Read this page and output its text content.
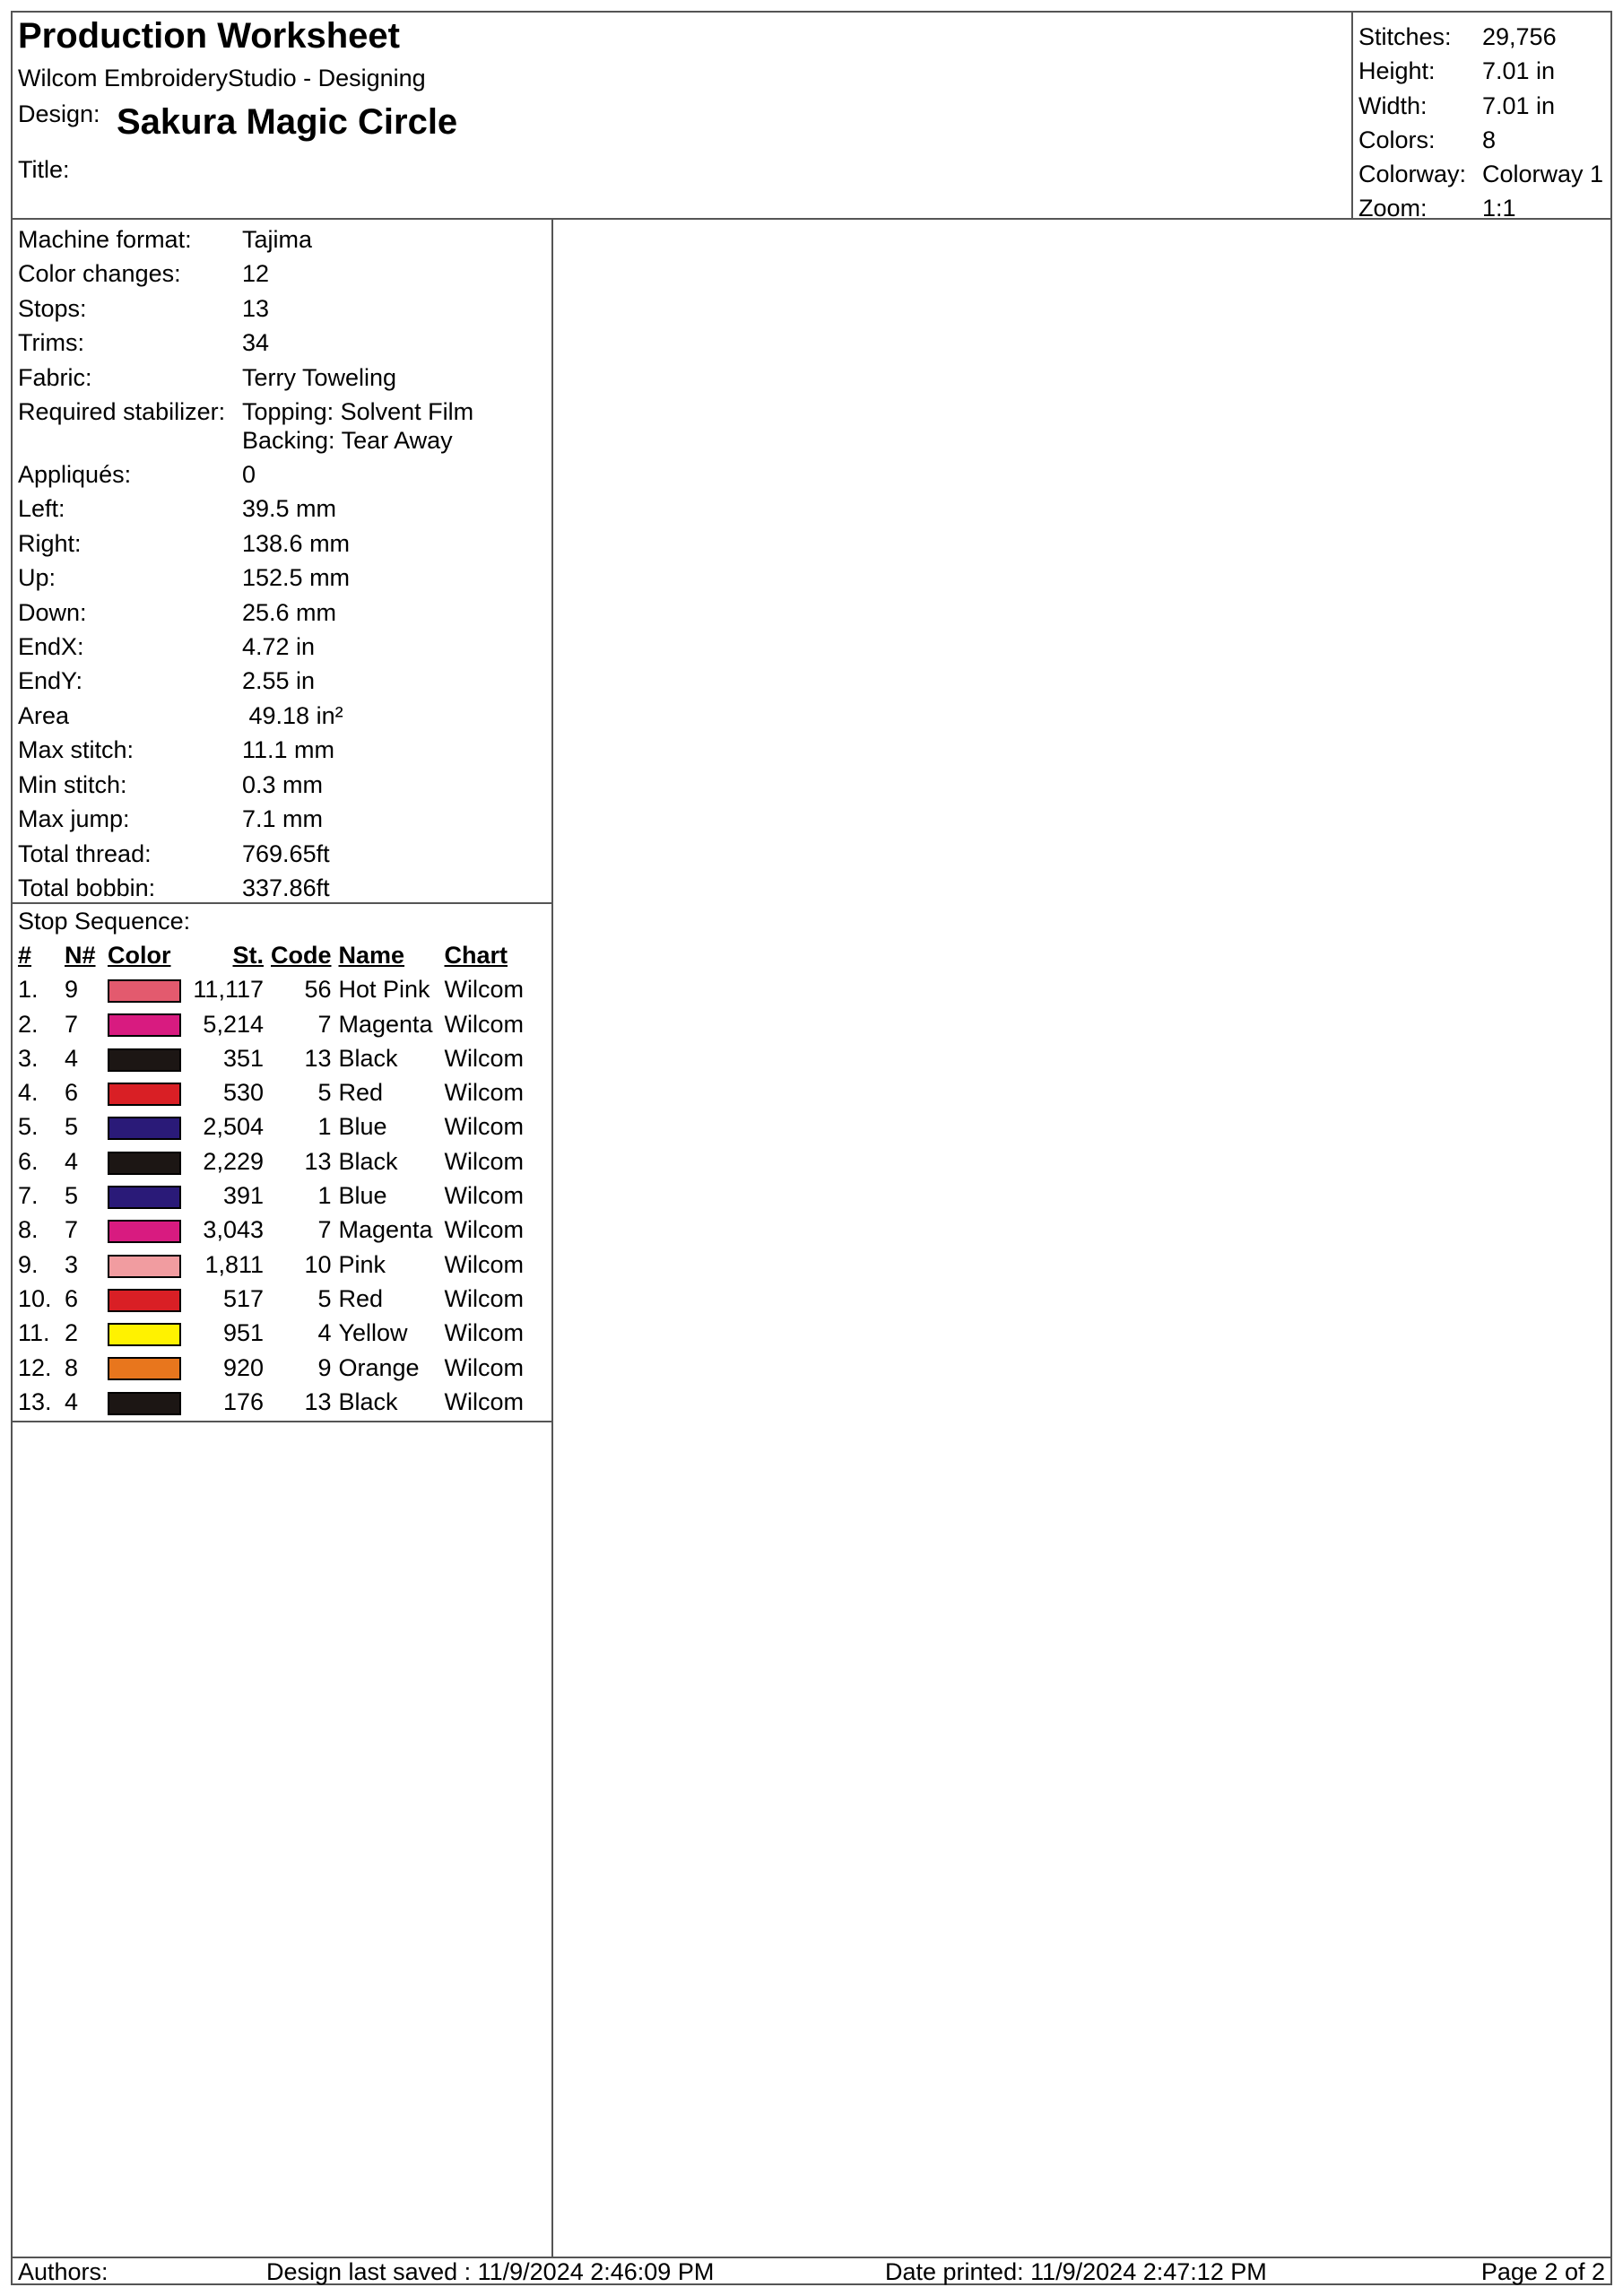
Production Worksheet
Wilcom EmbroideryStudio - Designing
Design: Sakura Magic Circle
Title:
Stitches:	29,756
Height:	7.01 in
Width:	7.01 in
Colors:	8
Colorway: Colorway 1
Zoom:	1:1
Machine format:	Tajima
Color changes:	12
Stops:	13
Trims:	34
Fabric:	Terry Toweling
Required stabilizer: Topping: Solvent Film
Backing: Tear Away
Appliqués:	0
Left:	39.5 mm
Right:	138.6 mm
Up:	152.5 mm
Down:	25.6 mm
EndX:	4.72 in
EndY:	2.55 in
Area	49.18 in²
Max stitch:	11.1 mm
Min stitch:	0.3 mm
Max jump:	7.1 mm
Total thread:	769.65ft
Total bobbin:	337.86ft
Stop Sequence:
#	N#	Color	St.	Code	Name	Chart
1.	9		11,117	56	Hot Pink	Wilcom
2.	7		5,214	7	Magenta	Wilcom
3.	4		351	13	Black	Wilcom
4.	6		530	5	Red	Wilcom
5.	5		2,504	1	Blue	Wilcom
6.	4		2,229	13	Black	Wilcom
7.	5		391	1	Blue	Wilcom
8.	7		3,043	7	Magenta	Wilcom
9.	3		1,811	10	Pink	Wilcom
10.	6		517	5	Red	Wilcom
11.	2		951	4	Yellow	Wilcom
12.	8		920	9	Orange	Wilcom
13.	4		176	13	Black	Wilcom
Authors:	Design last saved : 11/9/2024 2:46:09 PM	Date printed: 11/9/2024 2:47:12 PM	Page 2 of 2
